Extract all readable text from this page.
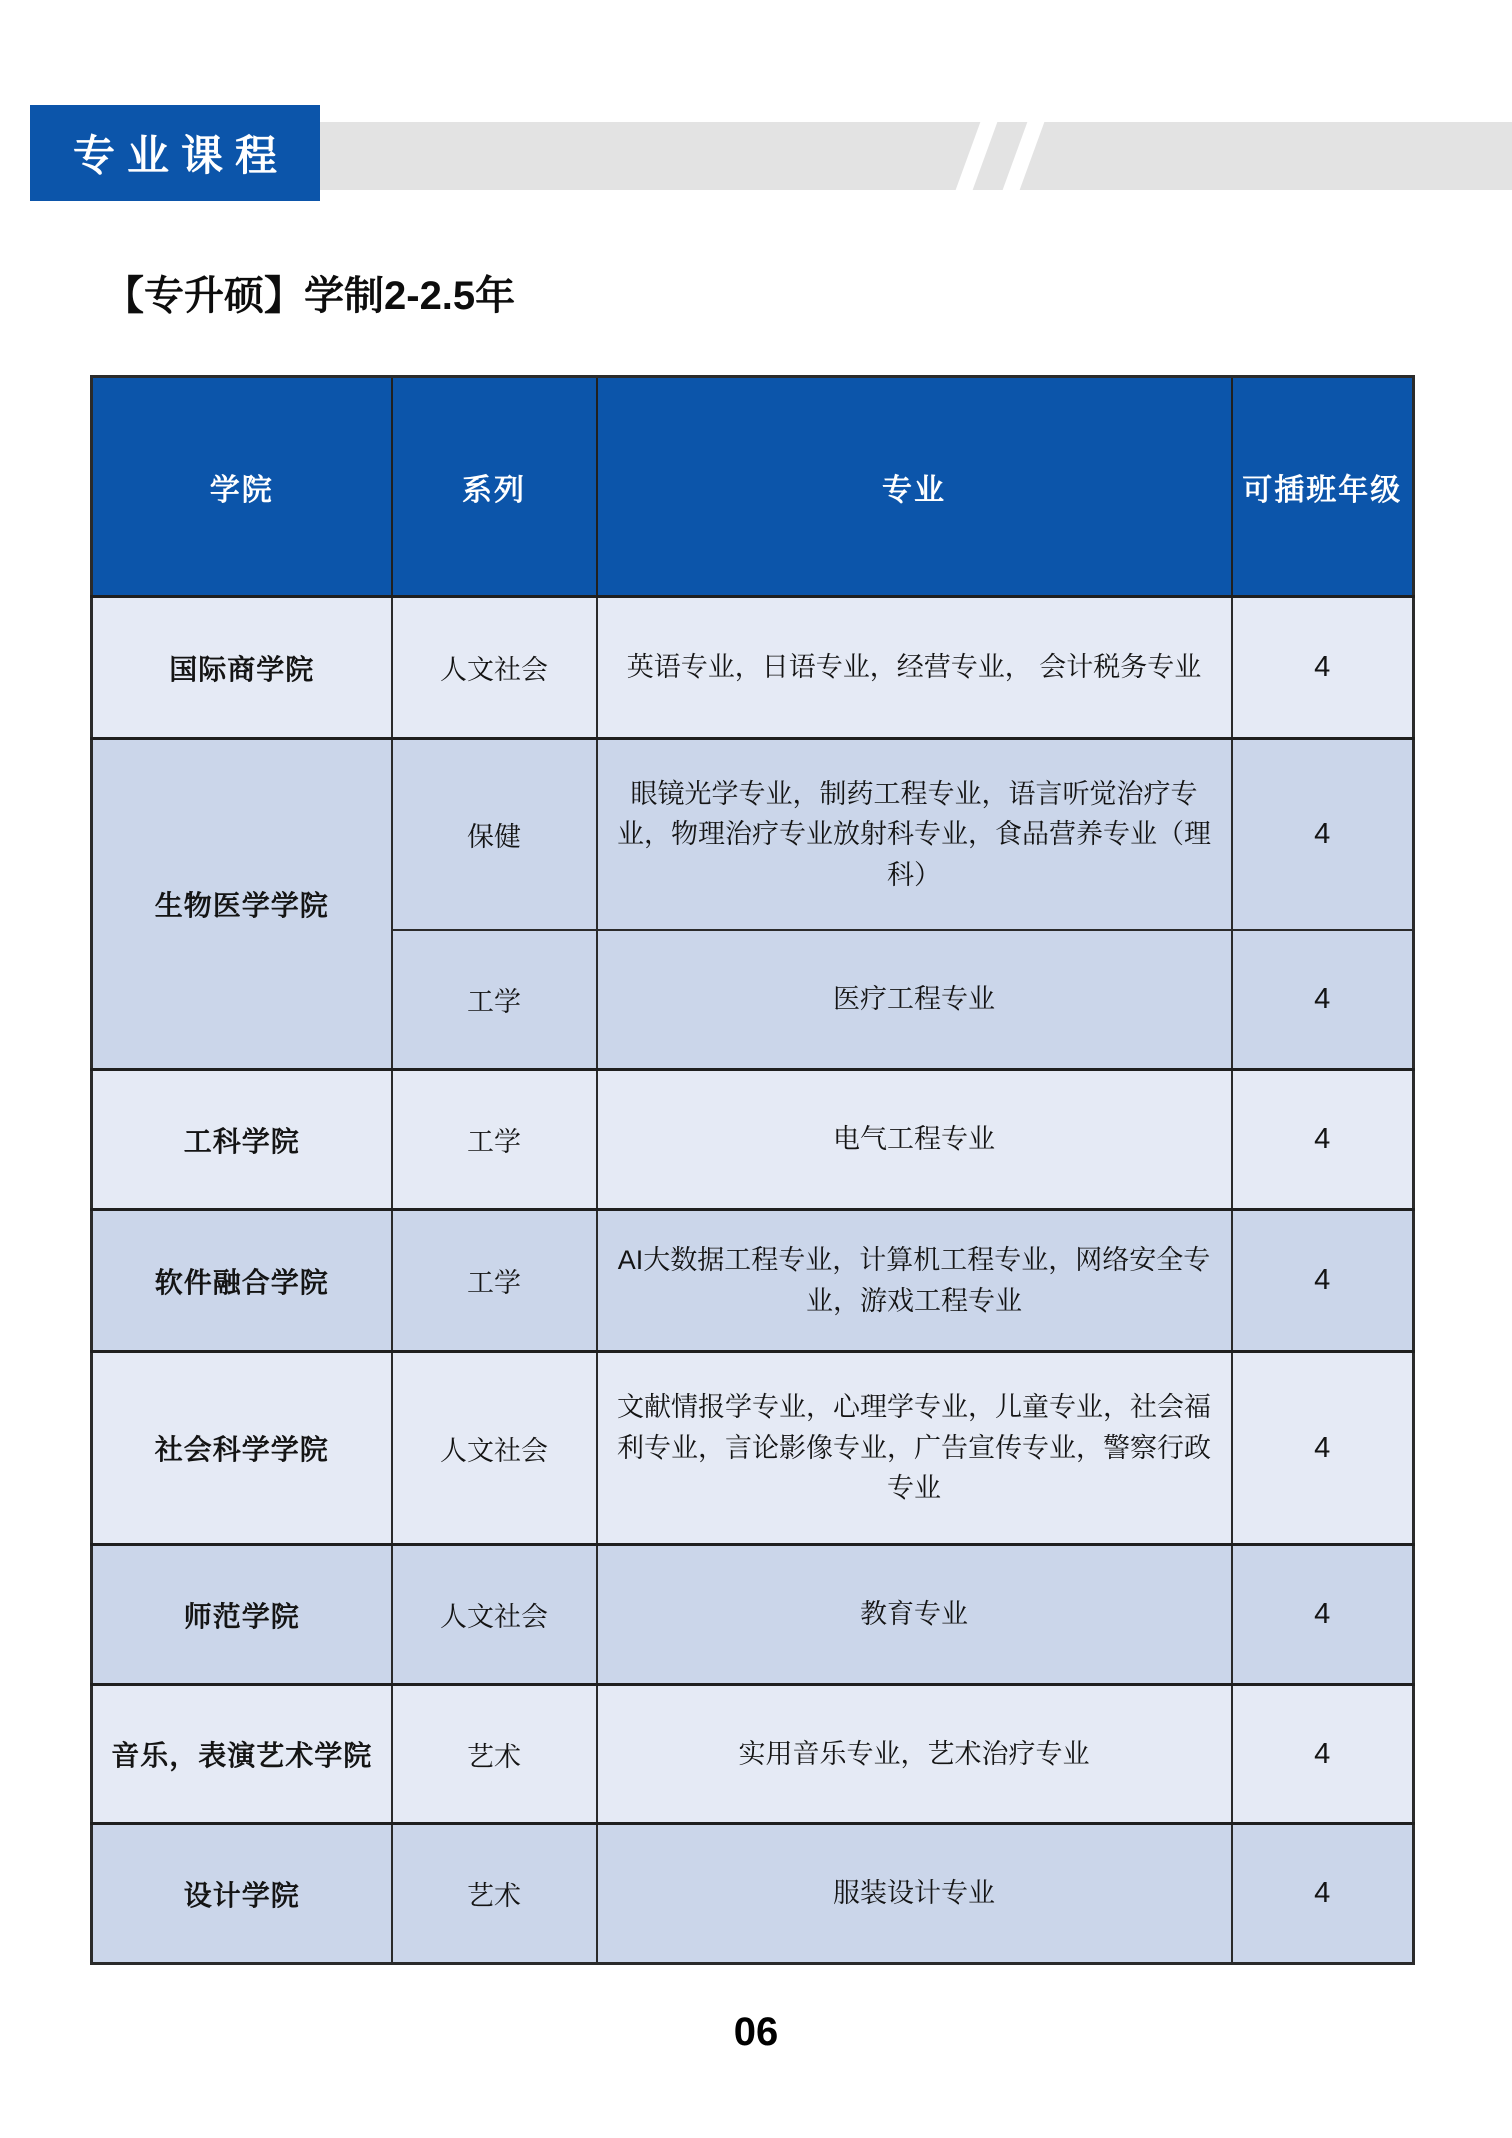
专业课程
【专升硕】学制2-2.5年
学院	系列	专业	可插班年级
国际商学院	人文社会	英语专业，日语专业，经营专业， 会计税务专业	4
生物医学学院	保健	眼镜光学专业，制药工程专业，语言听觉治疗专业，物理治疗专业放射科专业，食品营养专业（理科）	4
	工学	医疗工程专业	4
工科学院	工学	电气工程专业	4
软件融合学院	工学	AI大数据工程专业，计算机工程专业，网络安全专业，游戏工程专业	4
社会科学学院	人文社会	文献情报学专业，心理学专业，儿童专业，社会福利专业，言论影像专业，广告宣传专业，警察行政专业	4
师范学院	人文社会	教育专业	4
音乐，表演艺术学院	艺术	实用音乐专业，艺术治疗专业	4
设计学院	艺术	服装设计专业	4
06
